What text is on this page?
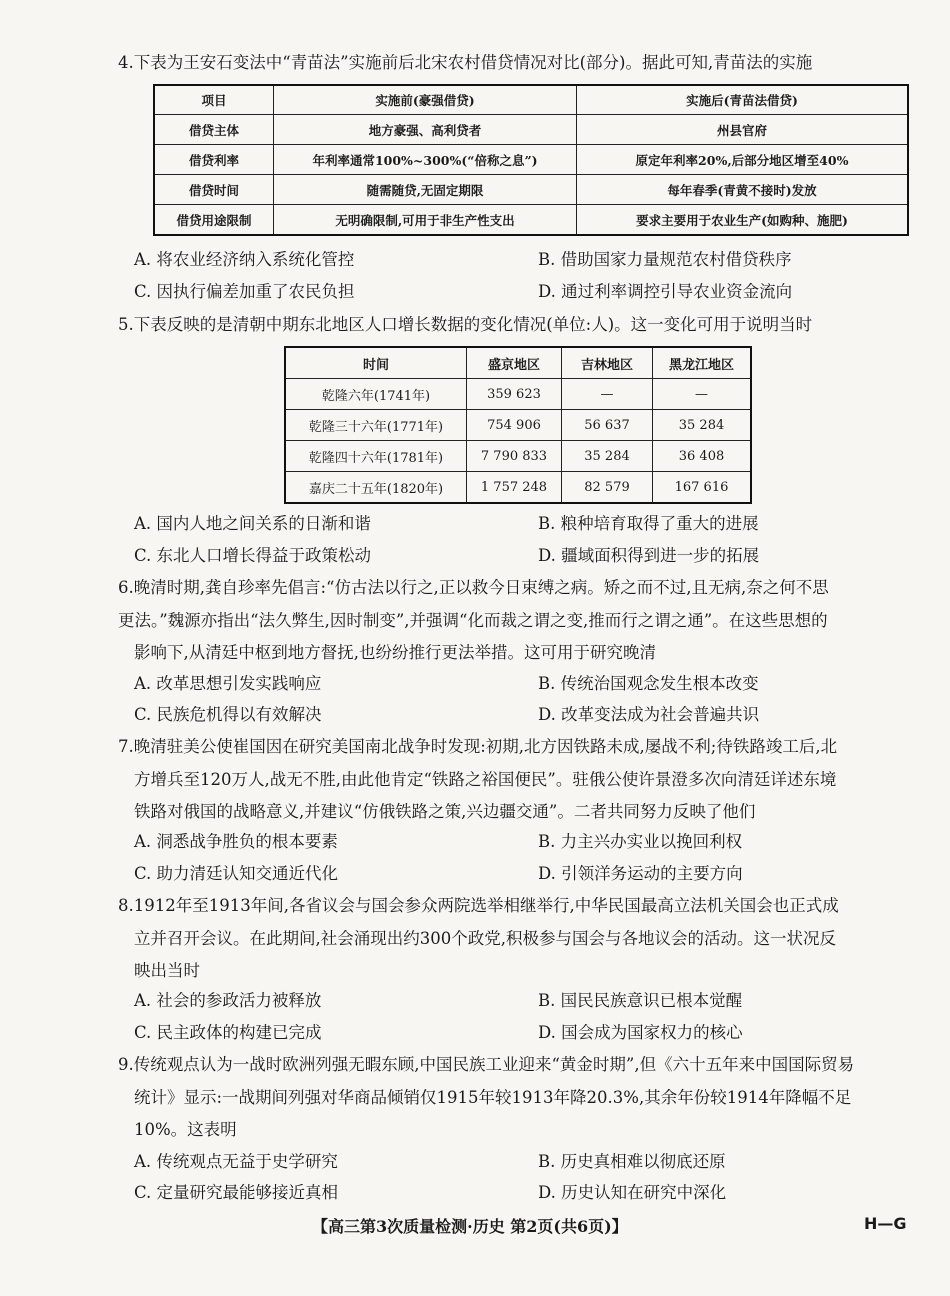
4.下表为王安石变法中“青苗法”实施前后北宋农村借贷情况对比(部分)。据此可知,青苗法的实施

项目	实施前(豪强借贷)	实施后(青苗法借贷)
借贷主体	地方豪强、高利贷者	州县官府
借贷利率	年利率通常100%~300%(“倍称之息”)	原定年利率20%,后部分地区增至40%
借贷时间	随需随贷,无固定期限	每年春季(青黄不接时)发放
借贷用途限制	无明确限制,可用于非生产性支出	要求主要用于农业生产(如购种、施肥)
A. 将农业经济纳入系统化管控	B. 借助国家力量规范农村借贷秩序
C. 因执行偏差加重了农民负担	D. 通过利率调控引导农业资金流向

5.下表反映的是清朝中期东北地区人口增长数据的变化情况(单位:人)。这一变化可用于说明当时

时间	盛京地区	吉林地区	黑龙江地区
乾隆六年(1741年)	359 623	—	—
乾隆三十六年(1771年)	754 906	56 637	35 284
乾隆四十六年(1781年)	7 790 833	35 284	36 408
嘉庆二十五年(1820年)	1 757 248	82 579	167 616
A. 国内人地之间关系的日渐和谐	B. 粮种培育取得了重大的进展
C. 东北人口增长得益于政策松动	D. 疆域面积得到进一步的拓展

6.晚清时期,龚自珍率先倡言:“仿古法以行之,正以救今日束缚之病。矫之而不过,且无病,奈之何不思

更法。”魏源亦指出“法久弊生,因时制变”,并强调“化而裁之谓之变,推而行之谓之通”。在这些思想的

影响下,从清廷中枢到地方督抚,也纷纷推行更法举措。这可用于研究晚清

A. 改革思想引发实践响应	B. 传统治国观念发生根本改变
C. 民族危机得以有效解决	D. 改革变法成为社会普遍共识

7.晚清驻美公使崔国因在研究美国南北战争时发现:初期,北方因铁路未成,屡战不利;待铁路竣工后,北

方增兵至120万人,战无不胜,由此他肯定“铁路之裕国便民”。驻俄公使许景澄多次向清廷详述东境

铁路对俄国的战略意义,并建议“仿俄铁路之策,兴边疆交通”。二者共同努力反映了他们

A. 洞悉战争胜负的根本要素	B. 力主兴办实业以挽回利权
C. 助力清廷认知交通近代化	D. 引领洋务运动的主要方向

8.1912年至1913年间,各省议会与国会参众两院选举相继举行,中华民国最高立法机关国会也正式成

立并召开会议。在此期间,社会涌现出约300个政党,积极参与国会与各地议会的活动。这一状况反

映出当时

A. 社会的参政活力被释放	B. 国民民族意识已根本觉醒
C. 民主政体的构建已完成	D. 国会成为国家权力的核心

9.传统观点认为一战时欧洲列强无暇东顾,中国民族工业迎来“黄金时期”,但《六十五年来中国国际贸易

统计》显示:一战期间列强对华商品倾销仅1915年较1913年降20.3%,其余年份较1914年降幅不足

10%。这表明

A. 传统观点无益于史学研究	B. 历史真相难以彻底还原
C. 定量研究最能够接近真相	D. 历史认知在研究中深化
【高三第3次质量检测·历史 第2页(共6页)】	H—G
